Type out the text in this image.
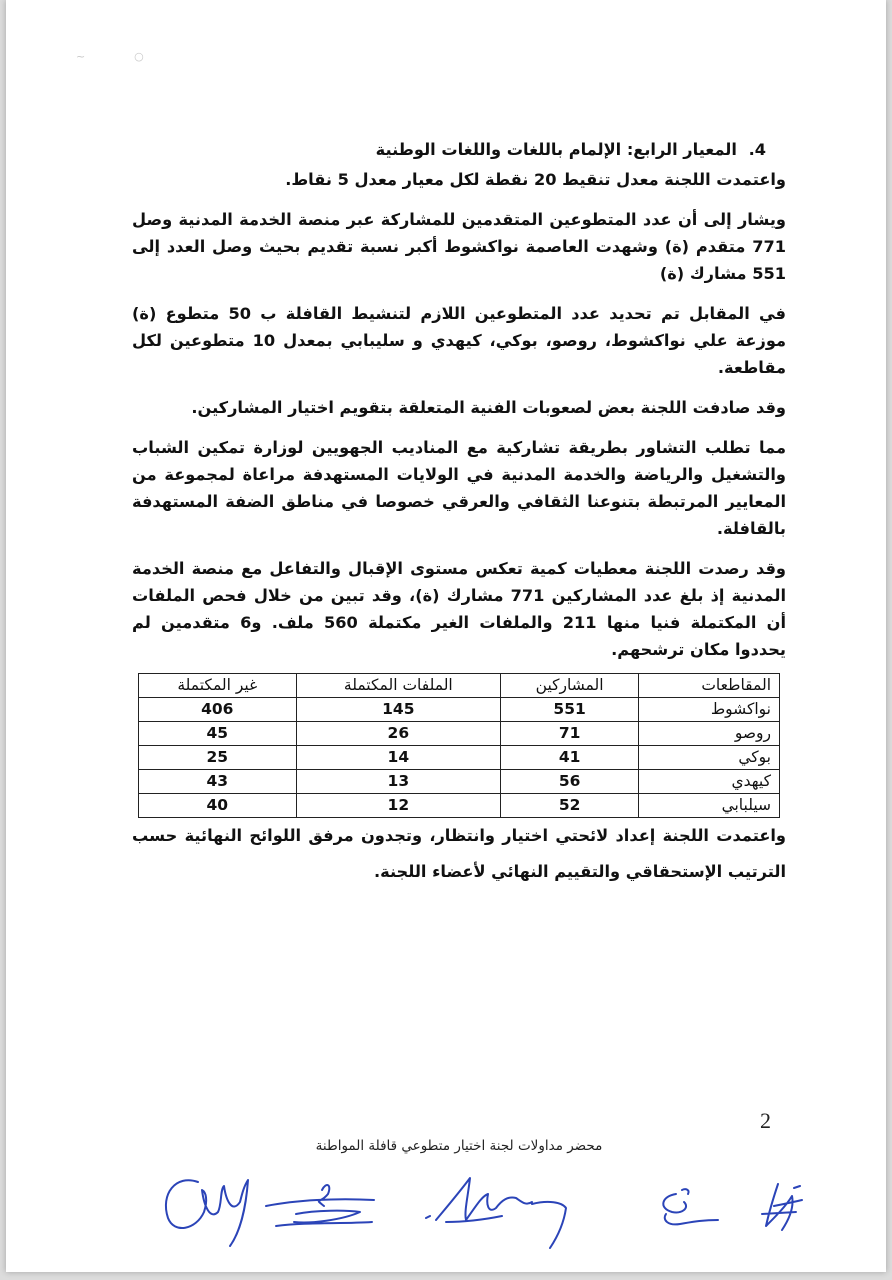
~              ○
4. المعيار الرابع: الإلمام باللغات واللغات الوطنية

واعتمدت اللجنة معدل تنقيط 20 نقطة لكل معيار معدل 5 نقاط.

ويشار إلى أن عدد المتطوعين المتقدمين للمشاركة عبر منصة الخدمة المدنية وصل 771 متقدم (ة) وشهدت العاصمة نواكشوط أكبر نسبة تقديم بحيث وصل العدد إلى 551 مشارك (ة)

في المقابل تم تحديد عدد المتطوعين اللازم لتنشيط القافلة ب 50 متطوع (ة) موزعة علي نواكشوط، روصو، بوكي، كيهدي و سليبابي بمعدل 10 متطوعين لكل مقاطعة.

وقد صادفت اللجنة بعض لصعوبات الفنية المتعلقة بتقويم اختيار المشاركين.

مما تطلب التشاور بطريقة تشاركية مع المناديب الجهويين لوزارة تمكين الشباب والتشغيل والرياضة والخدمة المدنية في الولايات المستهدفة مراعاة لمجموعة من المعايير المرتبطة بتنوعنا الثقافي والعرقي خصوصا في مناطق الضفة المستهدفة بالقافلة.

وقد رصدت اللجنة معطيات كمية تعكس مستوى الإقبال والتفاعل مع منصة الخدمة المدنية إذ بلغ عدد المشاركين 771 مشارك (ة)، وقد تبين من خلال فحص الملفات أن المكتملة فنيا منها 211 والملفات الغير مكتملة 560 ملف. و6 متقدمين لم يحددوا مكان ترشحهم.

المقاطعات	المشاركين	الملفات المكتملة	غير المكتملة
نواكشوط	551	145	406
روصو	71	26	45
بوكي	41	14	25
كيهدي	56	13	43
سيلبابي	52	12	40

واعتمدت اللجنة إعداد لائحتي اختيار وانتظار، وتجدون مرفق اللوائح النهائية حسب الترتيب الإستحقاقي والتقييم النهائي لأعضاء اللجنة.

2
محضر مداولات لجنة اختيار متطوعي قافلة المواطنة
